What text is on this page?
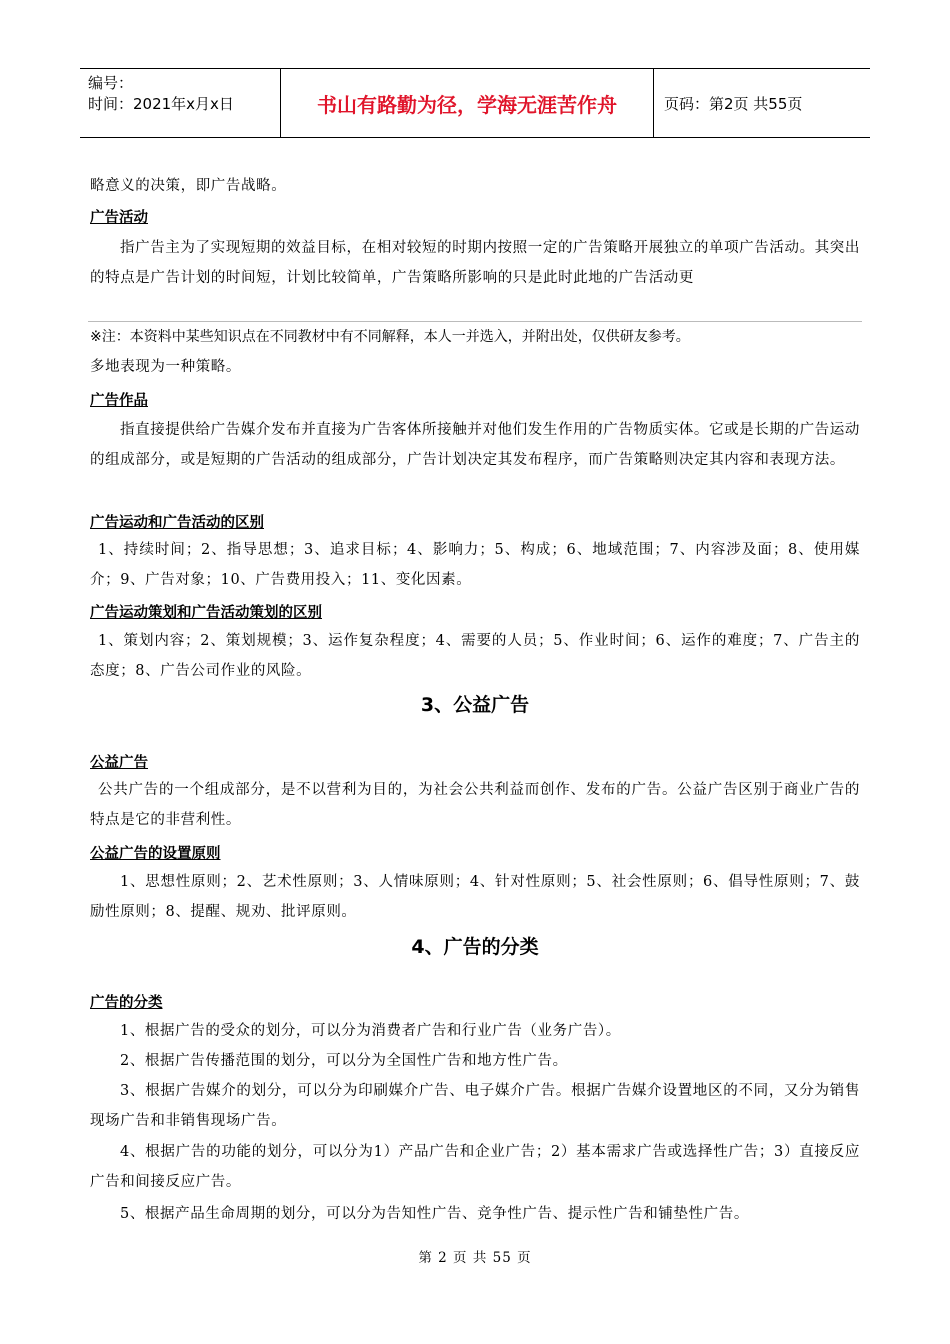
编号：
时间：2021年x月x日	书山有路勤为径，学海无涯苦作舟	页码：第2页 共55页
略意义的决策，即广告战略。
广告活动
指广告主为了实现短期的效益目标，在相对较短的时期内按照一定的广告策略开展独立的单项广告活动。其突出的特点是广告计划的时间短，计划比较简单，广告策略所影响的只是此时此地的广告活动更
※注：本资料中某些知识点在不同教材中有不同解释，本人一并选入，并附出处，仅供研友参考。
多地表现为一种策略。
广告作品
指直接提供给广告媒介发布并直接为广告客体所接触并对他们发生作用的广告物质实体。它或是长期的广告运动的组成部分，或是短期的广告活动的组成部分，广告计划决定其发布程序，而广告策略则决定其内容和表现方法。
广告运动和广告活动的区别
1、持续时间；2、指导思想；3、追求目标；4、影响力；5、构成；6、地域范围；7、内容涉及面；8、使用媒介；9、广告对象；10、广告费用投入；11、变化因素。
广告运动策划和广告活动策划的区别
1、策划内容；2、策划规模；3、运作复杂程度；4、需要的人员；5、作业时间；6、运作的难度；7、广告主的态度；8、广告公司作业的风险。
3、公益广告
公益广告
公共广告的一个组成部分，是不以营利为目的，为社会公共利益而创作、发布的广告。公益广告区别于商业广告的特点是它的非营利性。
公益广告的设置原则
1、思想性原则；2、艺术性原则；3、人情味原则；4、针对性原则；5、社会性原则；6、倡导性原则；7、鼓励性原则；8、提醒、规劝、批评原则。
4、广告的分类
广告的分类
1、根据广告的受众的划分，可以分为消费者广告和行业广告（业务广告）。
2、根据广告传播范围的划分，可以分为全国性广告和地方性广告。
3、根据广告媒介的划分，可以分为印刷媒介广告、电子媒介广告。根据广告媒介设置地区的不同，又分为销售现场广告和非销售现场广告。
4、根据广告的功能的划分，可以分为1）产品广告和企业广告；2）基本需求广告或选择性广告；3）直接反应广告和间接反应广告。
5、根据产品生命周期的划分，可以分为告知性广告、竞争性广告、提示性广告和铺垫性广告。
第 2 页 共 55 页
